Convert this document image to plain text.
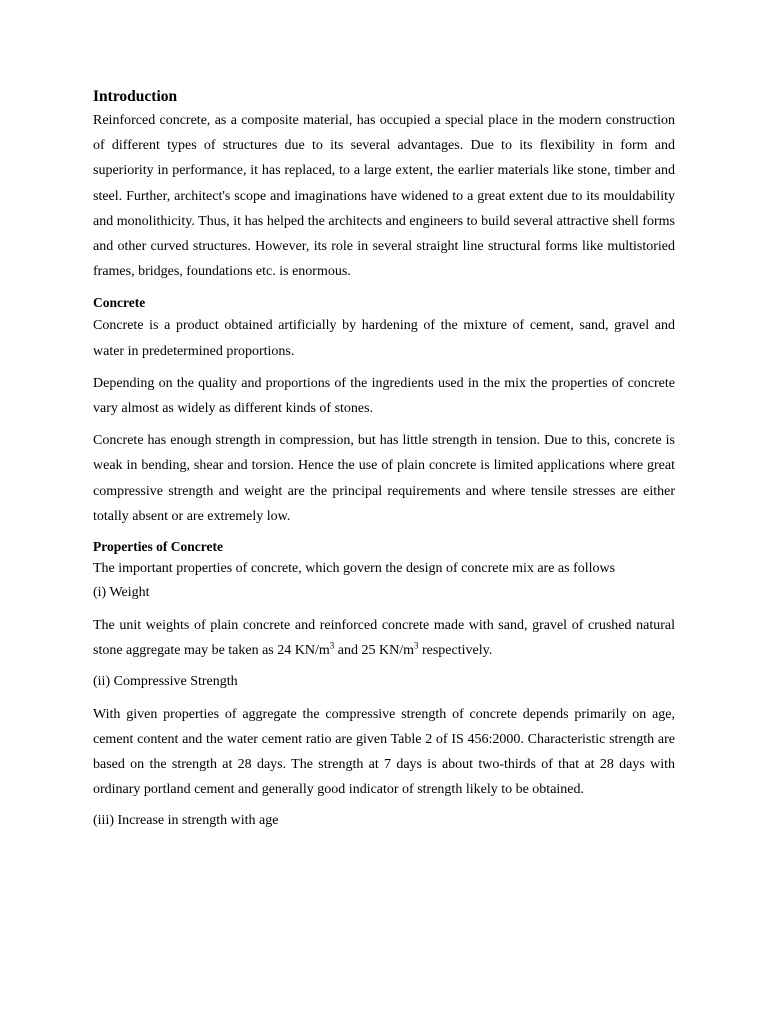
Introduction

Reinforced concrete, as a composite material, has occupied a special place in the modern construction of different types of structures due to its several advantages. Due to its flexibility in form and superiority in performance, it has replaced, to a large extent, the earlier materials like stone, timber and steel. Further, architect's scope and imaginations have widened to a great extent due to its mouldability and monolithicity. Thus, it has helped the architects and engineers to build several attractive shell forms and other curved structures. However, its role in several straight line structural forms like multistoried frames, bridges, foundations etc. is enormous.

Concrete

Concrete is a product obtained artificially by hardening of the mixture of cement, sand, gravel and water in predetermined proportions.

Depending on the quality and proportions of the ingredients used in the mix the properties of concrete vary almost as widely as different kinds of stones.

Concrete has enough strength in compression, but has little strength in tension. Due to this, concrete is weak in bending, shear and torsion. Hence the use of plain concrete is limited applications where great compressive strength and weight are the principal requirements and where tensile stresses are either totally absent or are extremely low.

Properties of Concrete

The important properties of concrete, which govern the design of concrete mix are as follows

(i) Weight

The unit weights of plain concrete and reinforced concrete made with sand, gravel of crushed natural stone aggregate may be taken as 24 $KN/m^3$ and 25 $KN/m^3$ respectively.

(ii) Compressive Strength

With given properties of aggregate the compressive strength of concrete depends primarily on age, cement content and the water cement ratio are given Table 2 of IS 456:2000. Characteristic strength are based on the strength at 28 days. The strength at 7 days is about two-thirds of that at 28 days with ordinary portland cement and generally good indicator of strength likely to be obtained.

(iii) Increase in strength with age
